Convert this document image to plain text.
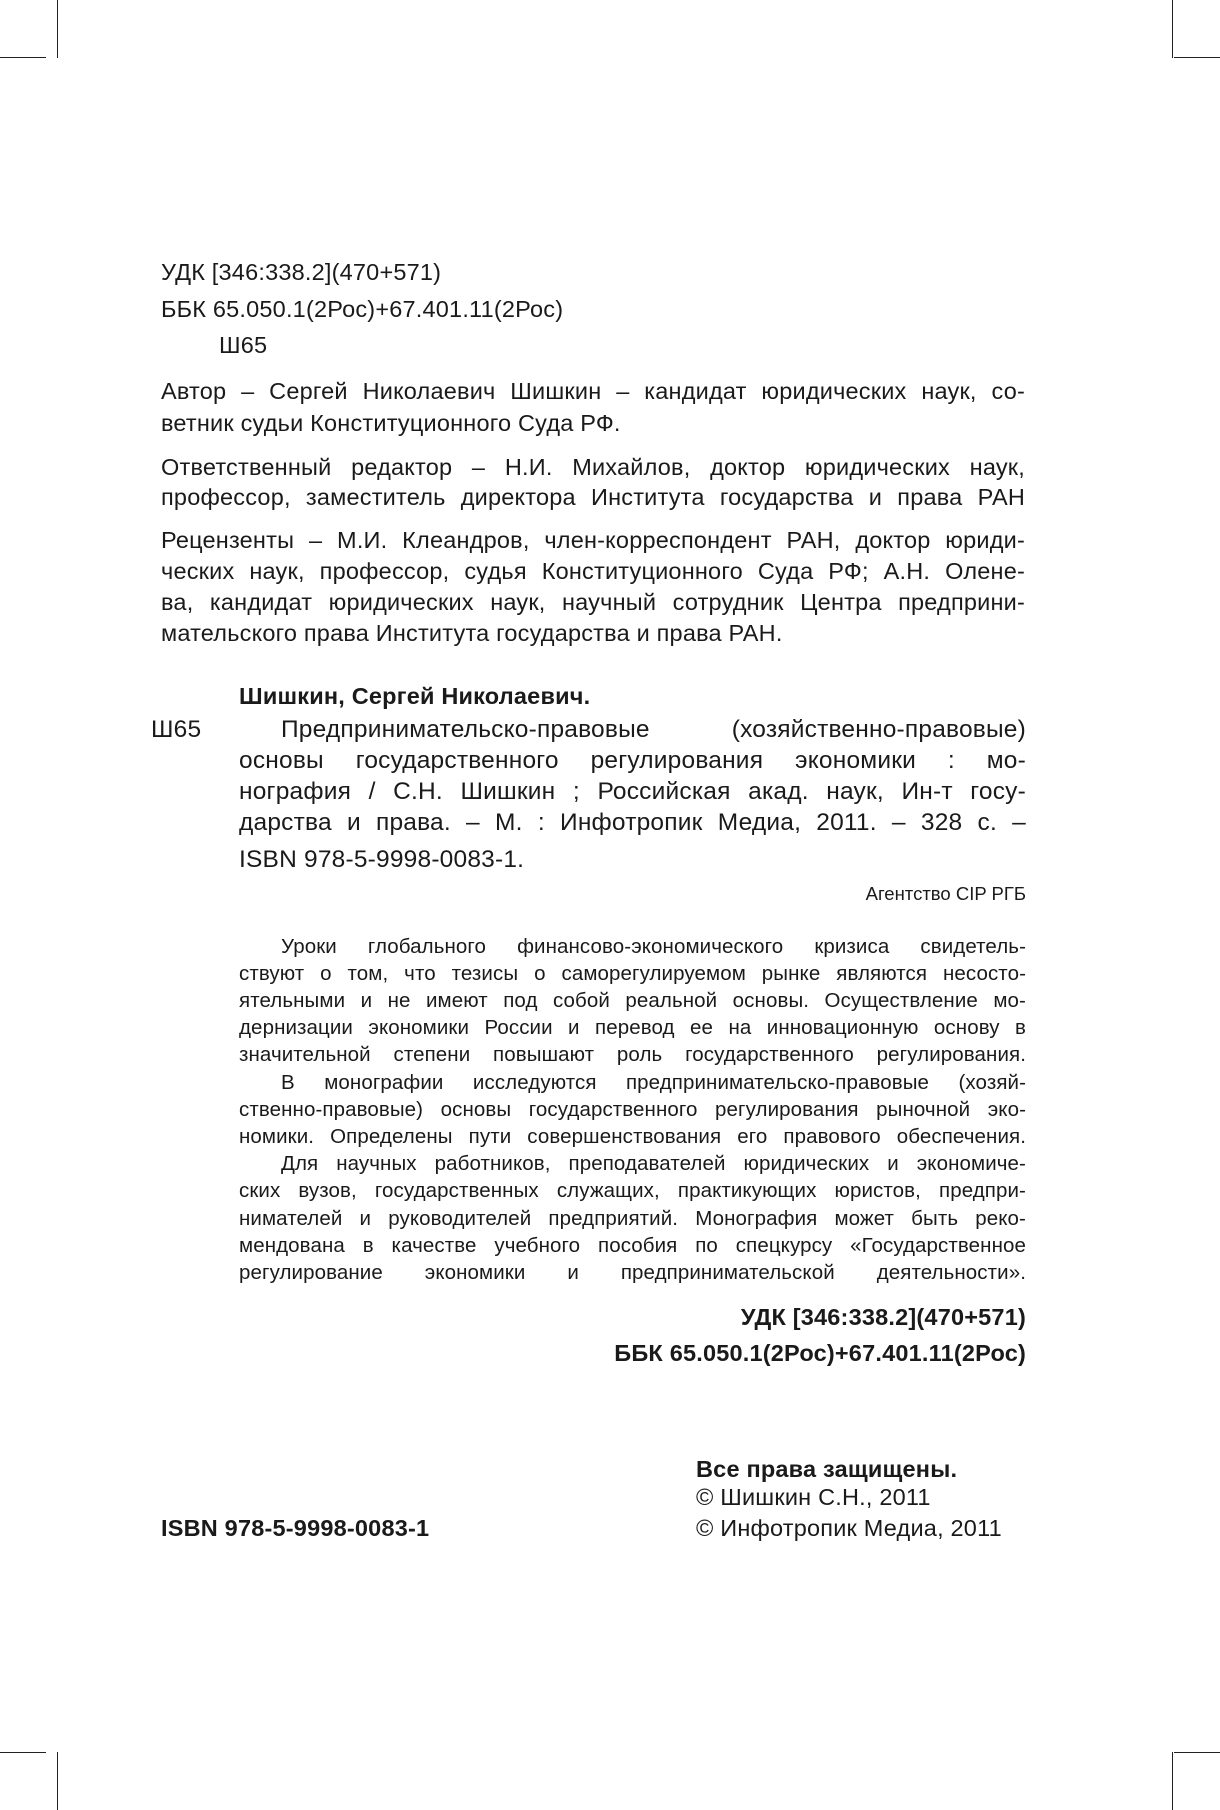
УДК [346:338.2](470+571)
ББК 65.050.1(2Рос)+67.401.11(2Рос)
Ш65
Автор – Сергей Николаевич Шишкин – кандидат юридических наук, со-
ветник судьи Конституционного Суда РФ.
Ответственный редактор – Н.И. Михайлов, доктор юридических наук,
профессор, заместитель директора Института государства и права РАН
Рецензенты – М.И. Клеандров, член-корреспондент РАН, доктор юриди-
ческих наук, профессор, судья Конституционного Суда РФ; А.Н. Олене-
ва, кандидат юридических наук, научный сотрудник Центра предприни-
мательского права Института государства и права РАН.
Шишкин, Сергей Николаевич.
Ш65	Предпринимательско-правовые (хозяйственно-правовые)
основы государственного регулирования экономики : мо-
нография / С.Н. Шишкин ; Российская акад. наук, Ин-т госу-
дарства и права. – М. : Инфотропик Медиа, 2011. – 328 с. –
ISBN 978-5-9998-0083-1.
Агентство CIP РГБ
Уроки глобального финансово-экономического кризиса свидетель-
ствуют о том, что тезисы о саморегулируемом рынке являются несосто-
ятельными и не имеют под собой реальной основы. Осуществление мо-
дернизации экономики России и перевод ее на инновационную основу в
значительной степени повышают роль государственного регулирования.
В монографии исследуются предпринимательско-правовые (хозяй-
ственно-правовые) основы государственного регулирования рыночной эко-
номики. Определены пути совершенствования его правового обеспечения.
Для научных работников, преподавателей юридических и экономиче-
ских вузов, государственных служащих, практикующих юристов, предпри-
нимателей и руководителей предприятий. Монография может быть реко-
мендована в качестве учебного пособия по спецкурсу «Государственное
регулирование экономики и предпринимательской деятельности».
УДК [346:338.2](470+571)
ББК 65.050.1(2Рос)+67.401.11(2Рос)
Все права защищены.
© Шишкин С.Н., 2011
© Инфотропик Медиа, 2011
ISBN 978-5-9998-0083-1
